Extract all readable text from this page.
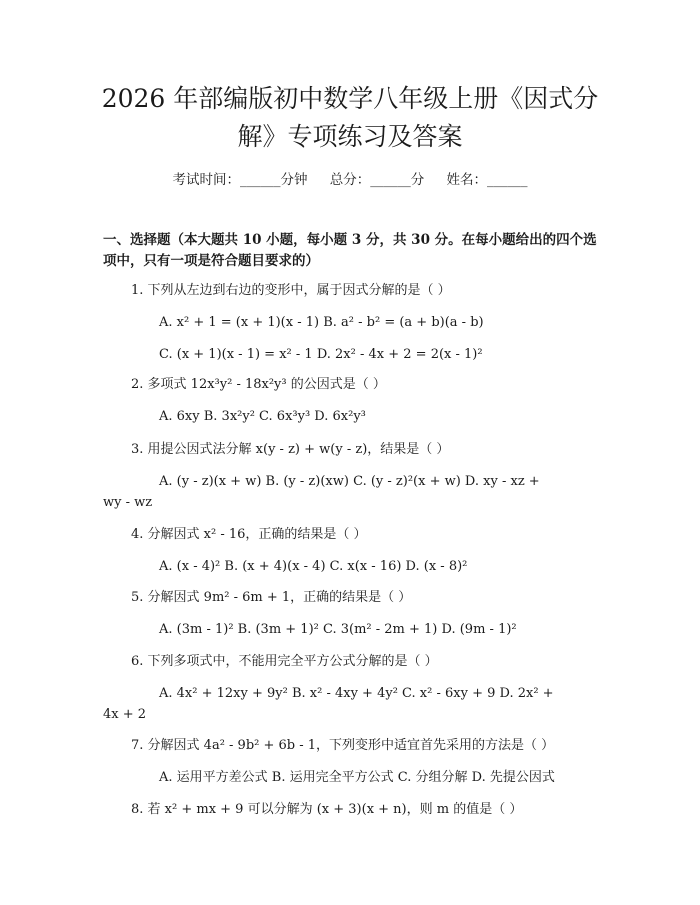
2026 年部编版初中数学八年级上册《因式分
解》专项练习及答案
考试时间：______分钟 总分：______分 姓名：______

一、选择题（本大题共 10 小题，每小题 3 分，共 30 分。在每小题给出的四个选
项中，只有一项是符合题目要求的）

1. 下列从左边到右边的变形中，属于因式分解的是（ ）
A. x² + 1 = (x + 1)(x - 1) B. a² - b² = (a + b)(a - b)
C. (x + 1)(x - 1) = x² - 1 D. 2x² - 4x + 2 = 2(x - 1)²
2. 多项式 12x³y² - 18x²y³ 的公因式是（ ）
A. 6xy B. 3x²y² C. 6x³y³ D. 6x²y³
3. 用提公因式法分解 x(y - z) + w(y - z)，结果是（ ）
A. (y - z)(x + w) B. (y - z)(xw) C. (y - z)²(x + w) D. xy - xz +
wy - wz
4. 分解因式 x² - 16，正确的结果是（ ）
A. (x - 4)² B. (x + 4)(x - 4) C. x(x - 16) D. (x - 8)²
5. 分解因式 9m² - 6m + 1，正确的结果是（ ）
A. (3m - 1)² B. (3m + 1)² C. 3(m² - 2m + 1) D. (9m - 1)²
6. 下列多项式中，不能用完全平方公式分解的是（ ）
A. 4x² + 12xy + 9y² B. x² - 4xy + 4y² C. x² - 6xy + 9 D. 2x² +
4x + 2
7. 分解因式 4a² - 9b² + 6b - 1，下列变形中适宜首先采用的方法是（ ）
A. 运用平方差公式 B. 运用完全平方公式 C. 分组分解 D. 先提公因式
8. 若 x² + mx + 9 可以分解为 (x + 3)(x + n)，则 m 的值是（ ）
